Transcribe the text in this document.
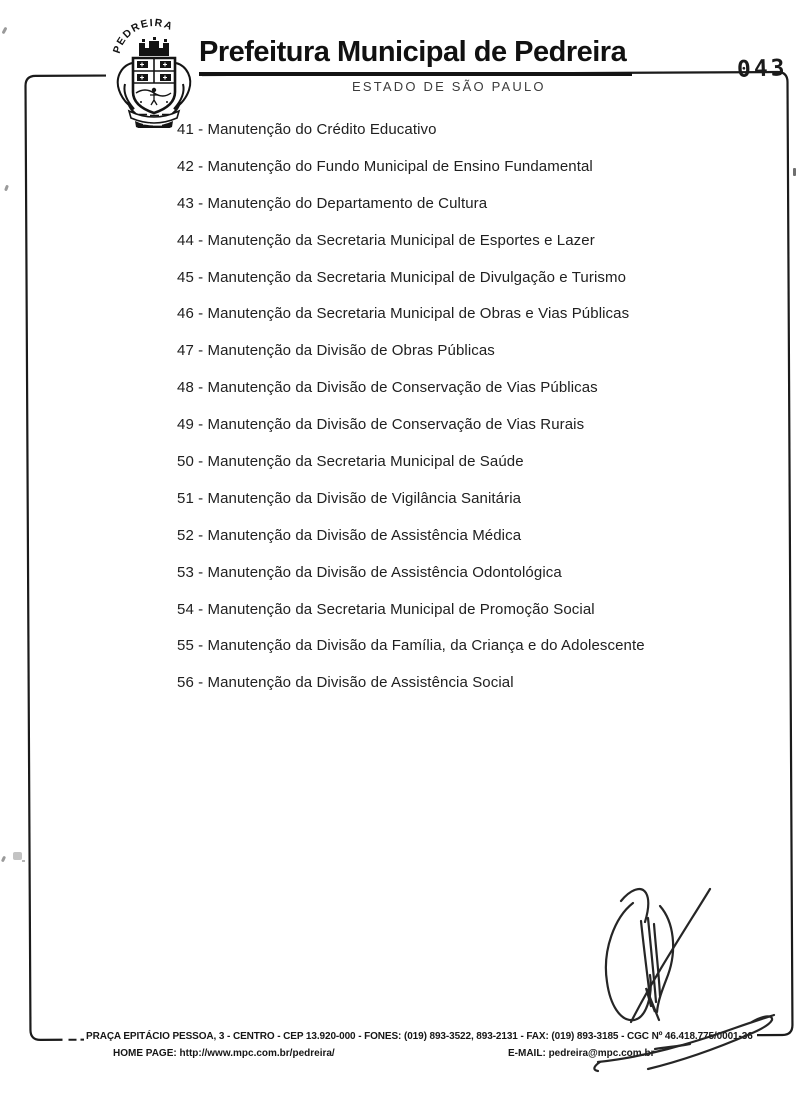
043
PEDREIRA
Prefeitura Municipal de Pedreira
ESTADO DE SÃO PAULO
41 - Manutenção do Crédito Educativo
42 - Manutenção do Fundo Municipal de Ensino Fundamental
43 - Manutenção do Departamento de Cultura
44 - Manutenção da Secretaria Municipal de Esportes e Lazer
45 - Manutenção da Secretaria Municipal de Divulgação e Turismo
46 - Manutenção da Secretaria Municipal de Obras e Vias Públicas
47 - Manutenção da Divisão de Obras Públicas
48 - Manutenção da Divisão de Conservação de Vias Públicas
49 - Manutenção da Divisão de Conservação de Vias Rurais
50 - Manutenção da Secretaria Municipal de Saúde
51 - Manutenção da Divisão de Vigilância Sanitária
52 - Manutenção da Divisão de Assistência Médica
53 - Manutenção da Divisão de Assistência Odontológica
54 - Manutenção da Secretaria Municipal de Promoção Social
55 - Manutenção da Divisão da Família, da Criança e do Adolescente
56 - Manutenção da Divisão de Assistência Social
PRAÇA EPITÁCIO PESSOA, 3 - CENTRO - CEP 13.920-000 - FONES: (019) 893-3522, 893-2131 - FAX: (019) 893-3185 - CGC Nº 46.418.775/0001-36
HOME PAGE: http://www.mpc.com.br/pedreira/	E-MAIL: pedreira@mpc.com.br
